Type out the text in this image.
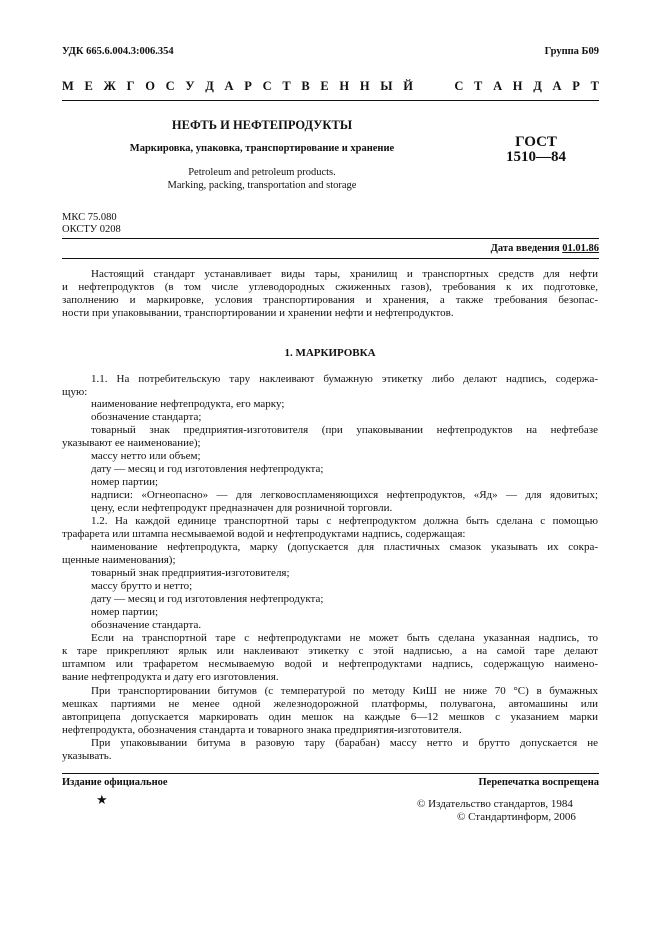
УДК 665.6.004.3:006.354	Группа Б09
М Е Ж Г О С У Д А Р С Т В Е Н Н Ы Й	С Т А Н Д А Р Т
НЕФТЬ И НЕФТЕПРОДУКТЫ
Маркировка, упаковка, транспортирование и хранение
Petroleum and petroleum products.
Marking, packing, transportation and storage
ГОСТ
1510—84
МКС 75.080
ОКСТУ 0208
Дата введения 01.01.86

Настоящий стандарт устанавливает виды тары, хранилищ и транспортных средств для нефти

и нефтепродуктов (в том числе углеводородных сжиженных газов), требования к их подготовке,

заполнению и маркировке, условия транспортирования и хранения, а также требования безопас-

ности при упаковывании, транспортировании и хранении нефти и нефтепродуктов.

1. МАРКИРОВКА

1.1. На потребительскую тару наклеивают бумажную этикетку либо делают надпись, содержа-

щую:

наименование нефтепродукта, его марку;

обозначение стандарта;

товарный знак предприятия-изготовителя (при упаковывании нефтепродуктов на нефтебазе

указывают ее наименование);

массу нетто или объем;

дату — месяц и год изготовления нефтепродукта;

номер партии;

надписи: «Огнеопасно» — для легковоспламеняющихся нефтепродуктов, «Яд» — для ядовитых;

цену, если нефтепродукт предназначен для розничной торговли.

1.2. На каждой единице транспортной тары с нефтепродуктом должна быть сделана с помощью

трафарета или штампа несмываемой водой и нефтепродуктами надпись, содержащая:

наименование нефтепродукта, марку (допускается для пластичных смазок указывать их сокра-

щенные наименования);

товарный знак предприятия-изготовителя;

массу брутто и нетто;

дату — месяц и год изготовления нефтепродукта;

номер партии;

обозначение стандарта.

Если на транспортной таре с нефтепродуктами не может быть сделана указанная надпись, то

к таре прикрепляют ярлык или наклеивают этикетку с этой надписью, а на самой таре делают

штампом или трафаретом несмываемую водой и нефтепродуктами надпись, содержащую наимено-

вание нефтепродукта и дату его изготовления.

При транспортировании битумов (с температурой по методу КиШ не ниже 70 °С) в бумажных

мешках партиями не менее одной железнодорожной платформы, полувагона, автомашины или

автоприцепа допускается маркировать один мешок на каждые 6—12 мешков с указанием марки

нефтепродукта, обозначения стандарта и товарного знака предприятия-изготовителя.

При упаковывании битума в разовую тару (барабан) массу нетто и брутто допускается не

указывать.

Издание официальное	Перепечатка воспрещена
★	© Издательство стандартов, 1984
© Стандартинформ, 2006
